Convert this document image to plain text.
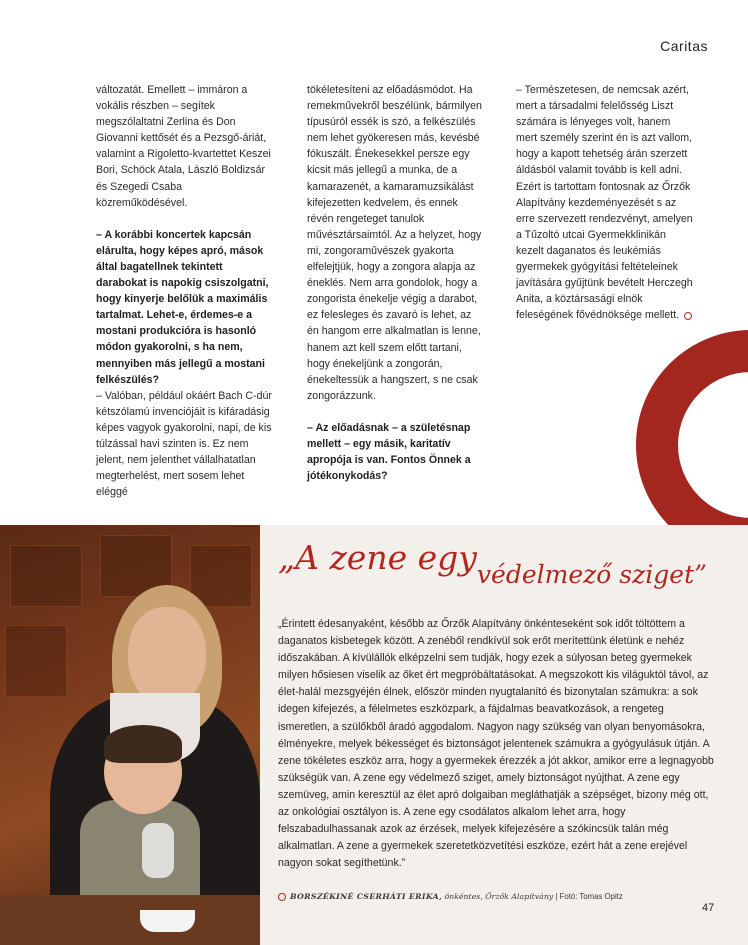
Caritas

változatát. Emellett – immáron a vokális részben – segítek megszólaltatni Zerlina és Don Giovanni kettősét és a Pezsgő-áriát, valamint a Rigoletto-kvartettet Keszei Bori, Schöck Atala, László Boldizsár és Szegedi Csaba közreműködésével.

– A korábbi koncertek kapcsán elárulta, hogy képes apró, mások által bagatellnek tekintett darabokat is napokig csiszolgatni, hogy kinyerje belőlük a maximális tartalmat. Lehet-e, érdemes-e a mostani produkcióra is hasonló módon gyakorolni, s ha nem, mennyiben más jellegű a mostani felkészülés?

– Valóban, például okáért Bach C-dúr kétszólamú invenciójáit is kifáradásig képes vagyok gyakorolni, napi, de kis túlzással havi szinten is. Ez nem jelent, nem jelenthet vállalhatatlan megterhelést, mert sosem lehet eléggé

tökéletesíteni az előadásmódot. Ha remekművekről beszélünk, bármilyen típusúról essék is szó, a felkészülés nem lehet gyökeresen más, kevésbé fókuszált. Énekesekkel persze egy kicsit más jellegű a munka, de a kamarazenét, a kamaramuzsikálást kifejezetten kedvelem, és ennek révén rengeteget tanulok művésztársaimtól. Az a helyzet, hogy mi, zongoraművészek gyakorta elfelejtjük, hogy a zongora alapja az éneklés. Nem arra gondolok, hogy a zongorista énekelje végig a darabot, ez felesleges és zavaró is lehet, az én hangom erre alkalmatlan is lenne, hanem azt kell szem előtt tartani, hogy énekeljünk a zongorán, énekeltessük a hangszert, s ne csak zongorázzunk.

– Az előadásnak – a születésnap mellett – egy másik, karitatív apropója is van. Fontos Önnek a jótékonykodás?

– Természetesen, de nemcsak azért, mert a társadalmi felelősség Liszt számára is lényeges volt, hanem mert személy szerint én is azt vallom, hogy a kapott tehetség árán szerzett áldásból valamit tovább is kell adni. Ezért is tartottam fontosnak az Őrzők Alapítvány kezdeményezését s az erre szervezett rendezvényt, amelyen a Tűzoltó utcai Gyermekklinikán kezelt daganatos és leukémiás gyermekek gyógyítási feltételeinek javítására gyűjtünk bevételt Herczegh Anita, a köztársasági elnök feleségének fővédnöksége mellett.

„A zene egy$_{védelmező sziget”}$

„Érintett édesanyaként, később az Őrzők Alapítvány önkénteseként sok időt töltöttem a daganatos kisbetegek között. A zenéből rendkívül sok erőt merítettünk életünk e nehéz időszakában. A kívülállók elképzelni sem tudják, hogy ezek a súlyosan beteg gyermekek milyen hősiesen viselik az őket ért megpróbáltatásokat. A megszokott kis világuktól távol, az élet-halál mezsgyéjén élnek, először minden nyugtalanító és bizonytalan számukra: a sok idegen kifejezés, a félelmetes eszközpark, a fájdalmas beavatkozások, a rengeteg ismeretlen, a szülőkből áradó aggodalom. Nagyon nagy szükség van olyan benyomásokra, élményekre, melyek békességet és biztonságot jelentenek számukra a gyógyulásuk útján. A zene tökéletes eszköz arra, hogy a gyermekek érezzék a jót akkor, amikor erre a legnagyobb szükségük van. A zene egy védelmező sziget, amely biztonságot nyújthat. A zene egy szemüveg, amin keresztül az élet apró dolgaiban megláthatják a szépséget, bizony még ott, az onkológiai osztályon is. A zene egy csodálatos alkalom lehet arra, hogy felszabadulhassanak azok az érzések, melyek kifejezésére a szókincsük talán még alkalmatlan. A zene a gyermekek szeretetközvetítési eszköze, ezért hát a zene erejével nagyon sokat segíthetünk.”

BORSZÉKINÉ CSERHÁTI ERIKA, önkéntes, Őrzők Alapítvány | Fotó: Tomas Opitz
47
